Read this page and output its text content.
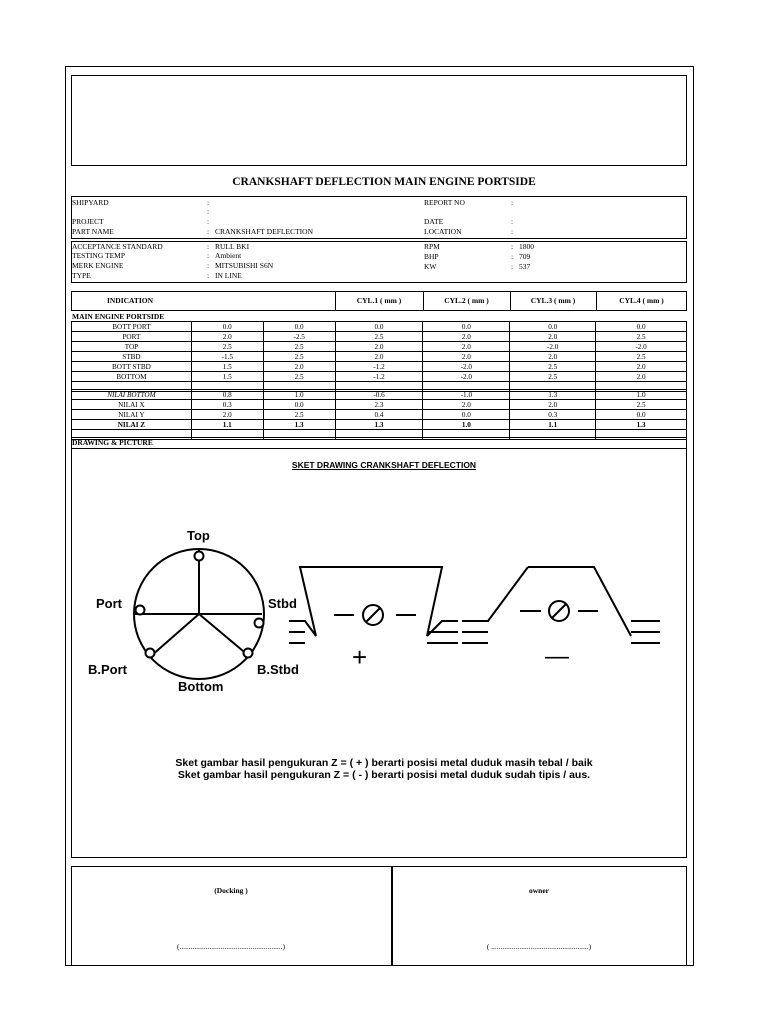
CRANKSHAFT DEFLECTION MAIN ENGINE PORTSIDE
SHIPYARD	:
:
PROJECT	:
PART NAME	: CRANKSHAFT DEFLECTION
REPORT NO	:
DATE	:
LOCATION	:
ACCEPTANCE STANDARD	: RULL BKI
TESTING TEMP	: Ambient
MERK ENGINE	: MITSUBISHI S6N
TYPE	: IN LINE
RPM	: 1800
BHP	: 709
KW	: 537
INDICATION	CYL.1 ( mm )	CYL.2 ( mm )	CYL.3 ( mm )	CYL.4 ( mm )
MAIN ENGINE PORTSIDE
BOTT PORT	0.0	0.0	0.0	0.0	0.0	0.0
PORT	2.0	-2.5	2.5	2.0	2.0	2.5
TOP	2.5	2.5	2.0	2.0	-2.0	-2.0
STBD	-1.5	2.5	2.0	2.0	2.0	2.5
BOTT STBD	1.5	2.0	-1.2	-2.0	2.5	2.0
BOTTOM	1.5	2.5	-1.2	-2.0	2.5	2.0

NILAI BOTTOM	0.8	1.0	-0.6	-1.0	1.3	1.0
NILAI X	0.3	0.0	2.3	2.0	2.0	2.5
NILAI Y	2.0	2.5	0.4	0.0	0.3	0.0
NILAI Z	1.1	1.3	1.3	1.0	1.1	1.3

DRAWING & PICTURE
SKET DRAWING CRANKSHAFT DEFLECTION
Top
Port	Stbd
B.Port	B.Stbd
Bottom
+	—
Sket gambar hasil pengukuran Z = ( + ) berarti posisi metal duduk masih tebal / baik
Sket gambar hasil pengukuran Z = ( - ) berarti posisi metal duduk sudah tipis / aus.
(Docking )	owner
(.......................................................)	( ....................................................)
